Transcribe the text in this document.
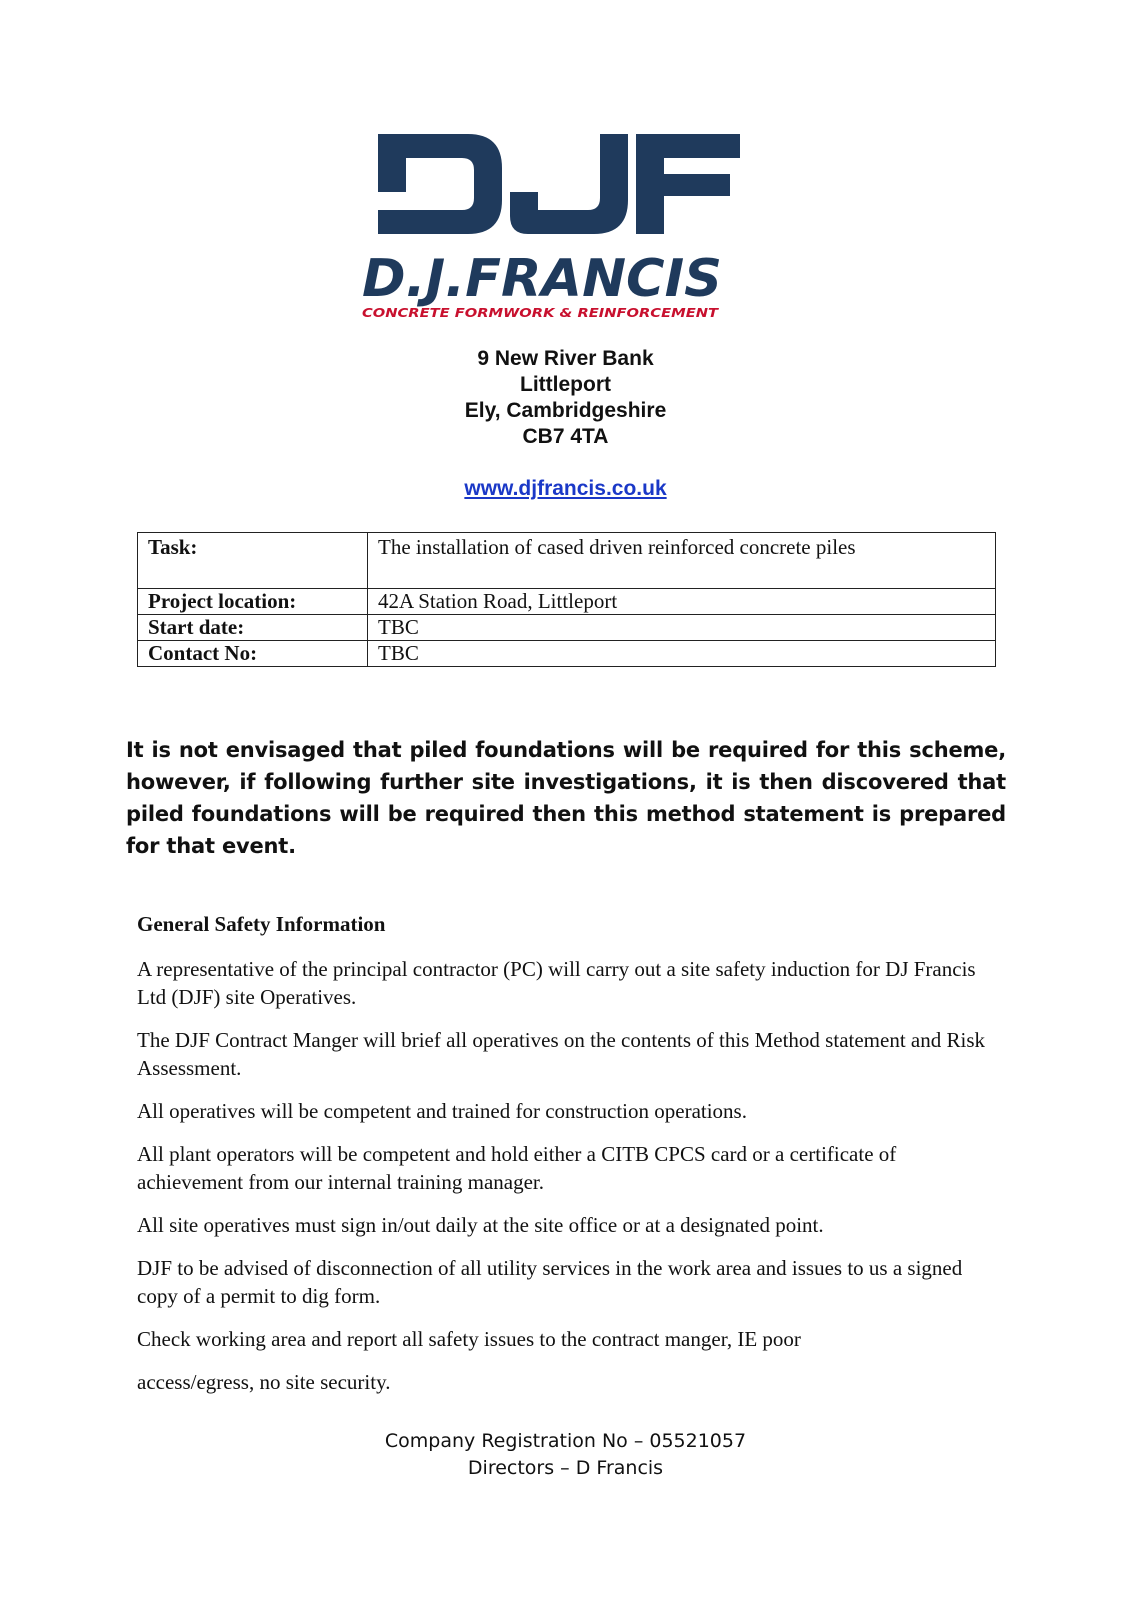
D.J.FRANCIS
CONCRETE FORMWORK & REINFORCEMENT
9 New River Bank
Littleport
Ely, Cambridgeshire
CB7 4TA
www.djfrancis.co.uk
Task:	The installation of cased driven reinforced concrete piles
Project location:	42A Station Road, Littleport
Start date:	TBC
Contact No:	TBC
It is not envisaged that piled foundations will be required for this scheme, however, if following further site investigations, it is then discovered that piled foundations will be required then this method statement is prepared for that event.
General Safety Information

A representative of the principal contractor (PC) will carry out a site safety induction for DJ Francis Ltd (DJF) site Operatives.

The DJF Contract Manger will brief all operatives on the contents of this Method statement and Risk Assessment.

All operatives will be competent and trained for construction operations.

All plant operators will be competent and hold either a CITB CPCS card or a certificate of achievement from our internal training manager.

All site operatives must sign in/out daily at the site office or at a designated point.

DJF to be advised of disconnection of all utility services in the work area and issues to us a signed copy of a permit to dig form.

Check working area and report all safety issues to the contract manger, IE poor

access/egress, no site security.

Company Registration No – 05521057
Directors – D Francis
